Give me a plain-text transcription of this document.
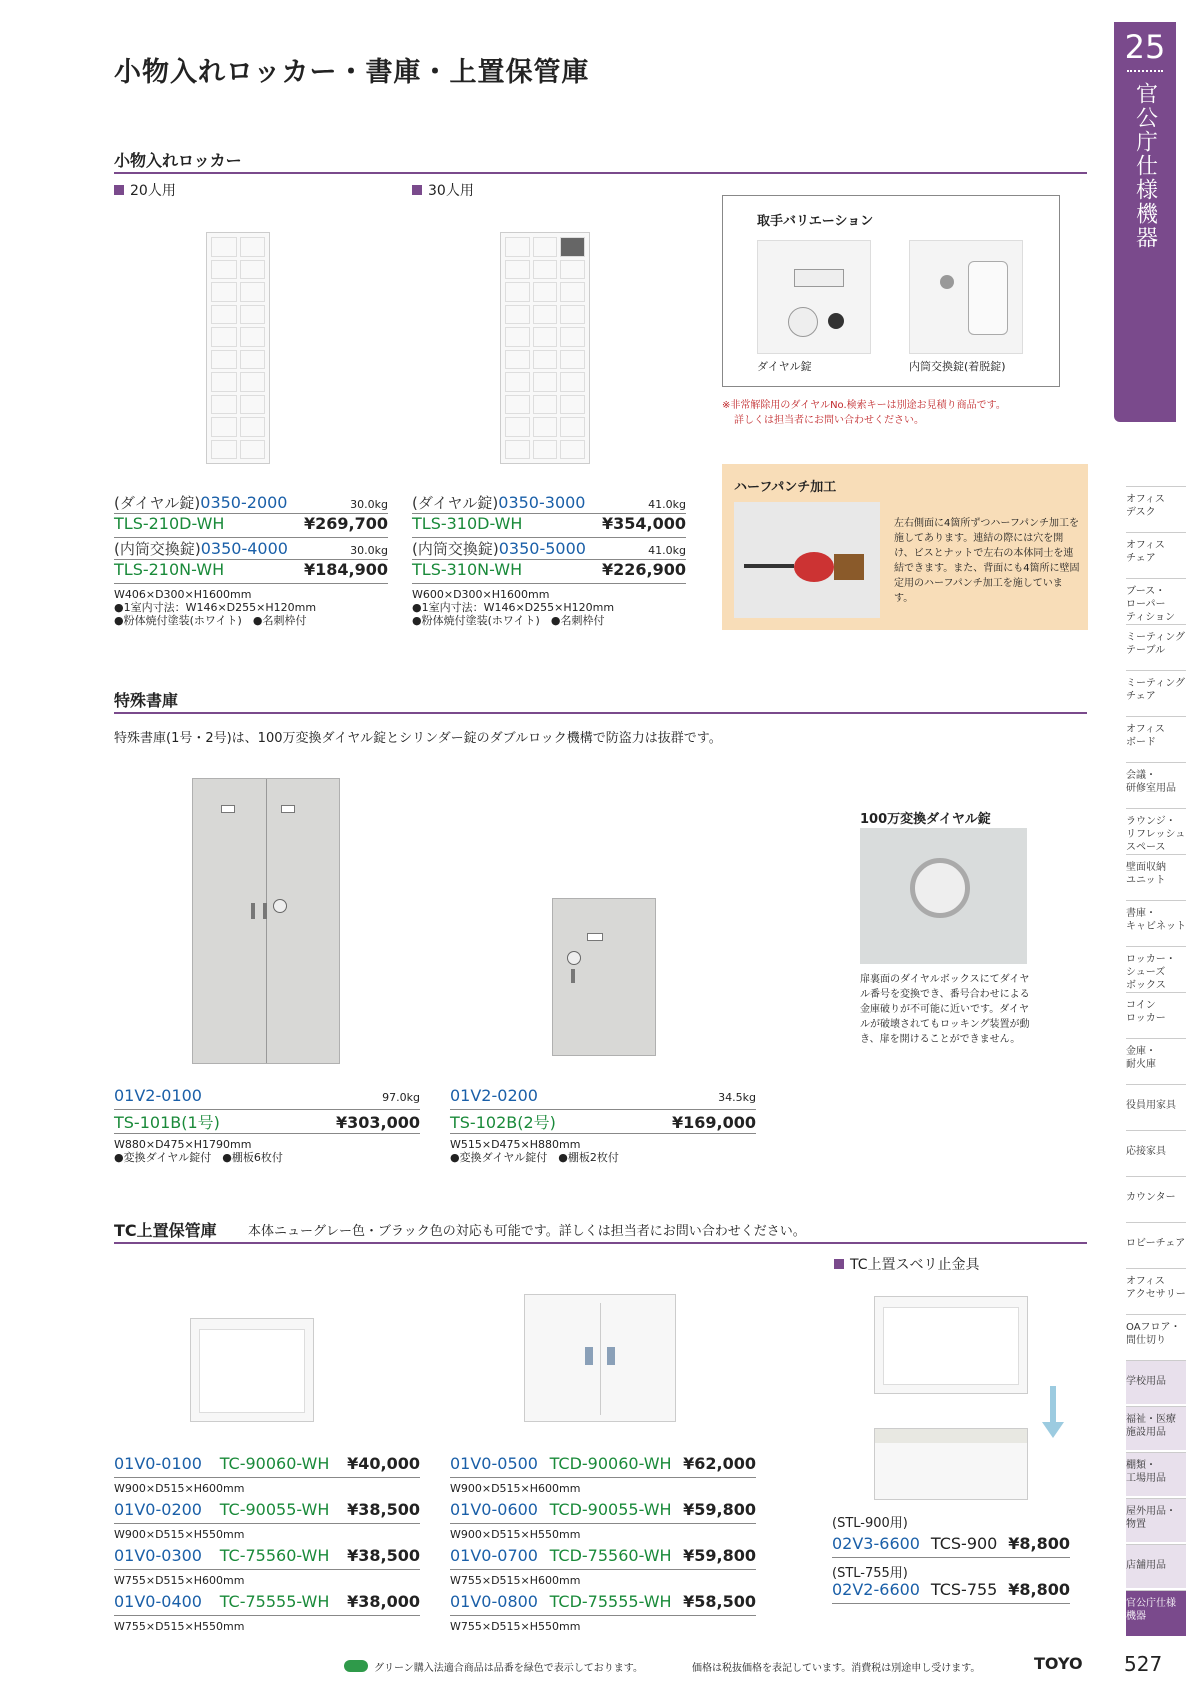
小物入れロッカー・書庫・上置保管庫
25
官公庁仕様機器
小物入れロッカー
20人用	30人用
(ダイヤル錠)0350-2000	30.0kg
TLS-210D-WH	¥269,700
(内筒交換錠)0350-4000	30.0kg
TLS-210N-WH	¥184,900
W406×D300×H1600mm
●1室内寸法：W146×D255×H120mm
●粉体焼付塗装(ホワイト)　●名刺枠付
(ダイヤル錠)0350-3000	41.0kg
TLS-310D-WH	¥354,000
(内筒交換錠)0350-5000	41.0kg
TLS-310N-WH	¥226,900
W600×D300×H1600mm
●1室内寸法：W146×D255×H120mm
●粉体焼付塗装(ホワイト)　●名刺枠付
取手バリエーション
ダイヤル錠	内筒交換錠(着脱錠)
※非常解除用のダイヤルNo.検索キーは別途お見積り商品です。
詳しくは担当者にお問い合わせください。
ハーフパンチ加工
左右側面に4箇所ずつハーフパンチ加工を施してあります。連結の際には穴を開け、ビスとナットで左右の本体同士を連結できます。また、背面にも4箇所に壁固定用のハーフパンチ加工を施しています。
特殊書庫
特殊書庫(1号・2号)は、100万変換ダイヤル錠とシリンダー錠のダブルロック機構で防盗力は抜群です。
100万変換ダイヤル錠
扉裏面のダイヤルボックスにてダイヤル番号を変換でき、番号合わせによる金庫破りが不可能に近いです。ダイヤルが破壊されてもロッキング装置が動き、扉を開けることができません。
01V2-0100	97.0kg
TS-101B(1号)	¥303,000
W880×D475×H1790mm
●変換ダイヤル錠付　●棚板6枚付
01V2-0200	34.5kg
TS-102B(2号)	¥169,000
W515×D475×H880mm
●変換ダイヤル錠付　●棚板2枚付
TC上置保管庫 本体ニューグレー色・ブラック色の対応も可能です。詳しくは担当者にお問い合わせください。
01V0-0100 TC-90060-WH ¥40,000
W900×D515×H600mm
01V0-0200 TC-90055-WH ¥38,500
W900×D515×H550mm
01V0-0300 TC-75560-WH ¥38,500
W755×D515×H600mm
01V0-0400 TC-75555-WH ¥38,000
W755×D515×H550mm
01V0-0500 TCD-90060-WH ¥62,000
W900×D515×H600mm
01V0-0600 TCD-90055-WH ¥59,800
W900×D515×H550mm
01V0-0700 TCD-75560-WH ¥59,800
W755×D515×H600mm
01V0-0800 TCD-75555-WH ¥58,500
W755×D515×H550mm
TC上置スベリ止金具
(STL-900用)
02V3-6600 TCS-900 ¥8,800
(STL-755用)
02V2-6600 TCS-755 ¥8,800
オフィス
デスク
オフィス
チェア
ブース・
ローパー
ティション
ミーティング
テーブル
ミーティング
チェア
オフィス
ボード
会議・
研修室用品
ラウンジ・
リフレッシュ
スペース
壁面収納
ユニット
書庫・
キャビネット
ロッカー・
シューズ
ボックス
コイン
ロッカー
金庫・
耐火庫
役員用家具
応接家具
カウンター
ロビーチェア
オフィス
アクセサリー
OAフロア・
間仕切り
学校用品
福祉・医療
施設用品
棚類・
工場用品
屋外用品・
物置
店舗用品
官公庁仕様
機器
グリーン購入法適合商品は品番を緑色で表示しております。	価格は税抜価格を表記しています。消費税は別途申し受けます。	TOYO 527
